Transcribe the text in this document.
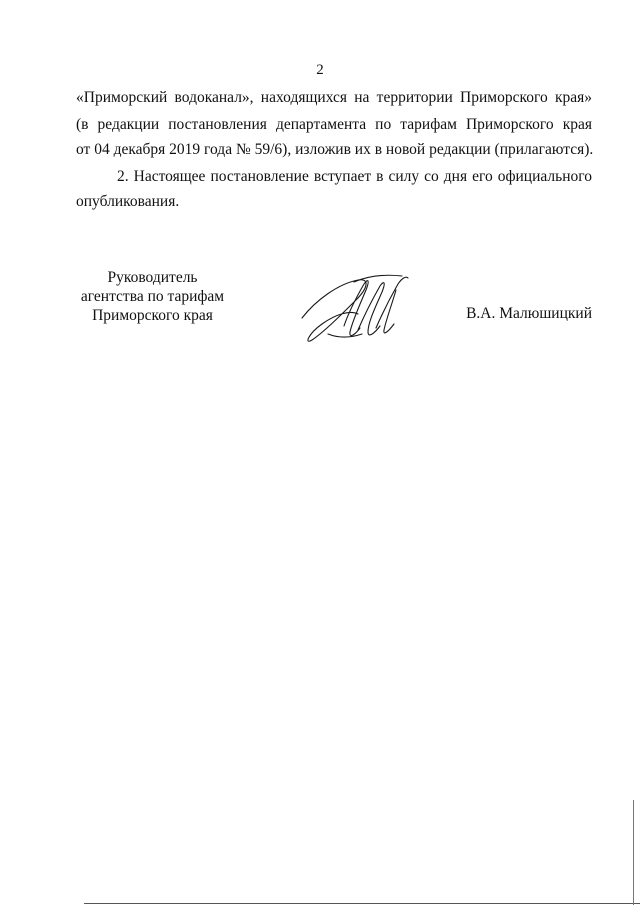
2
«Приморский водоканал», находящихся на территории Приморского края»
(в редакции постановления департамента по тарифам Приморского края
от 04 декабря 2019 года № 59/6), изложив их в новой редакции (прилагаются).
2. Настоящее постановление вступает в силу со дня его официального
опубликования.
Руководитель
агентства по тарифам
Приморского края	В.А. Малюшицкий
